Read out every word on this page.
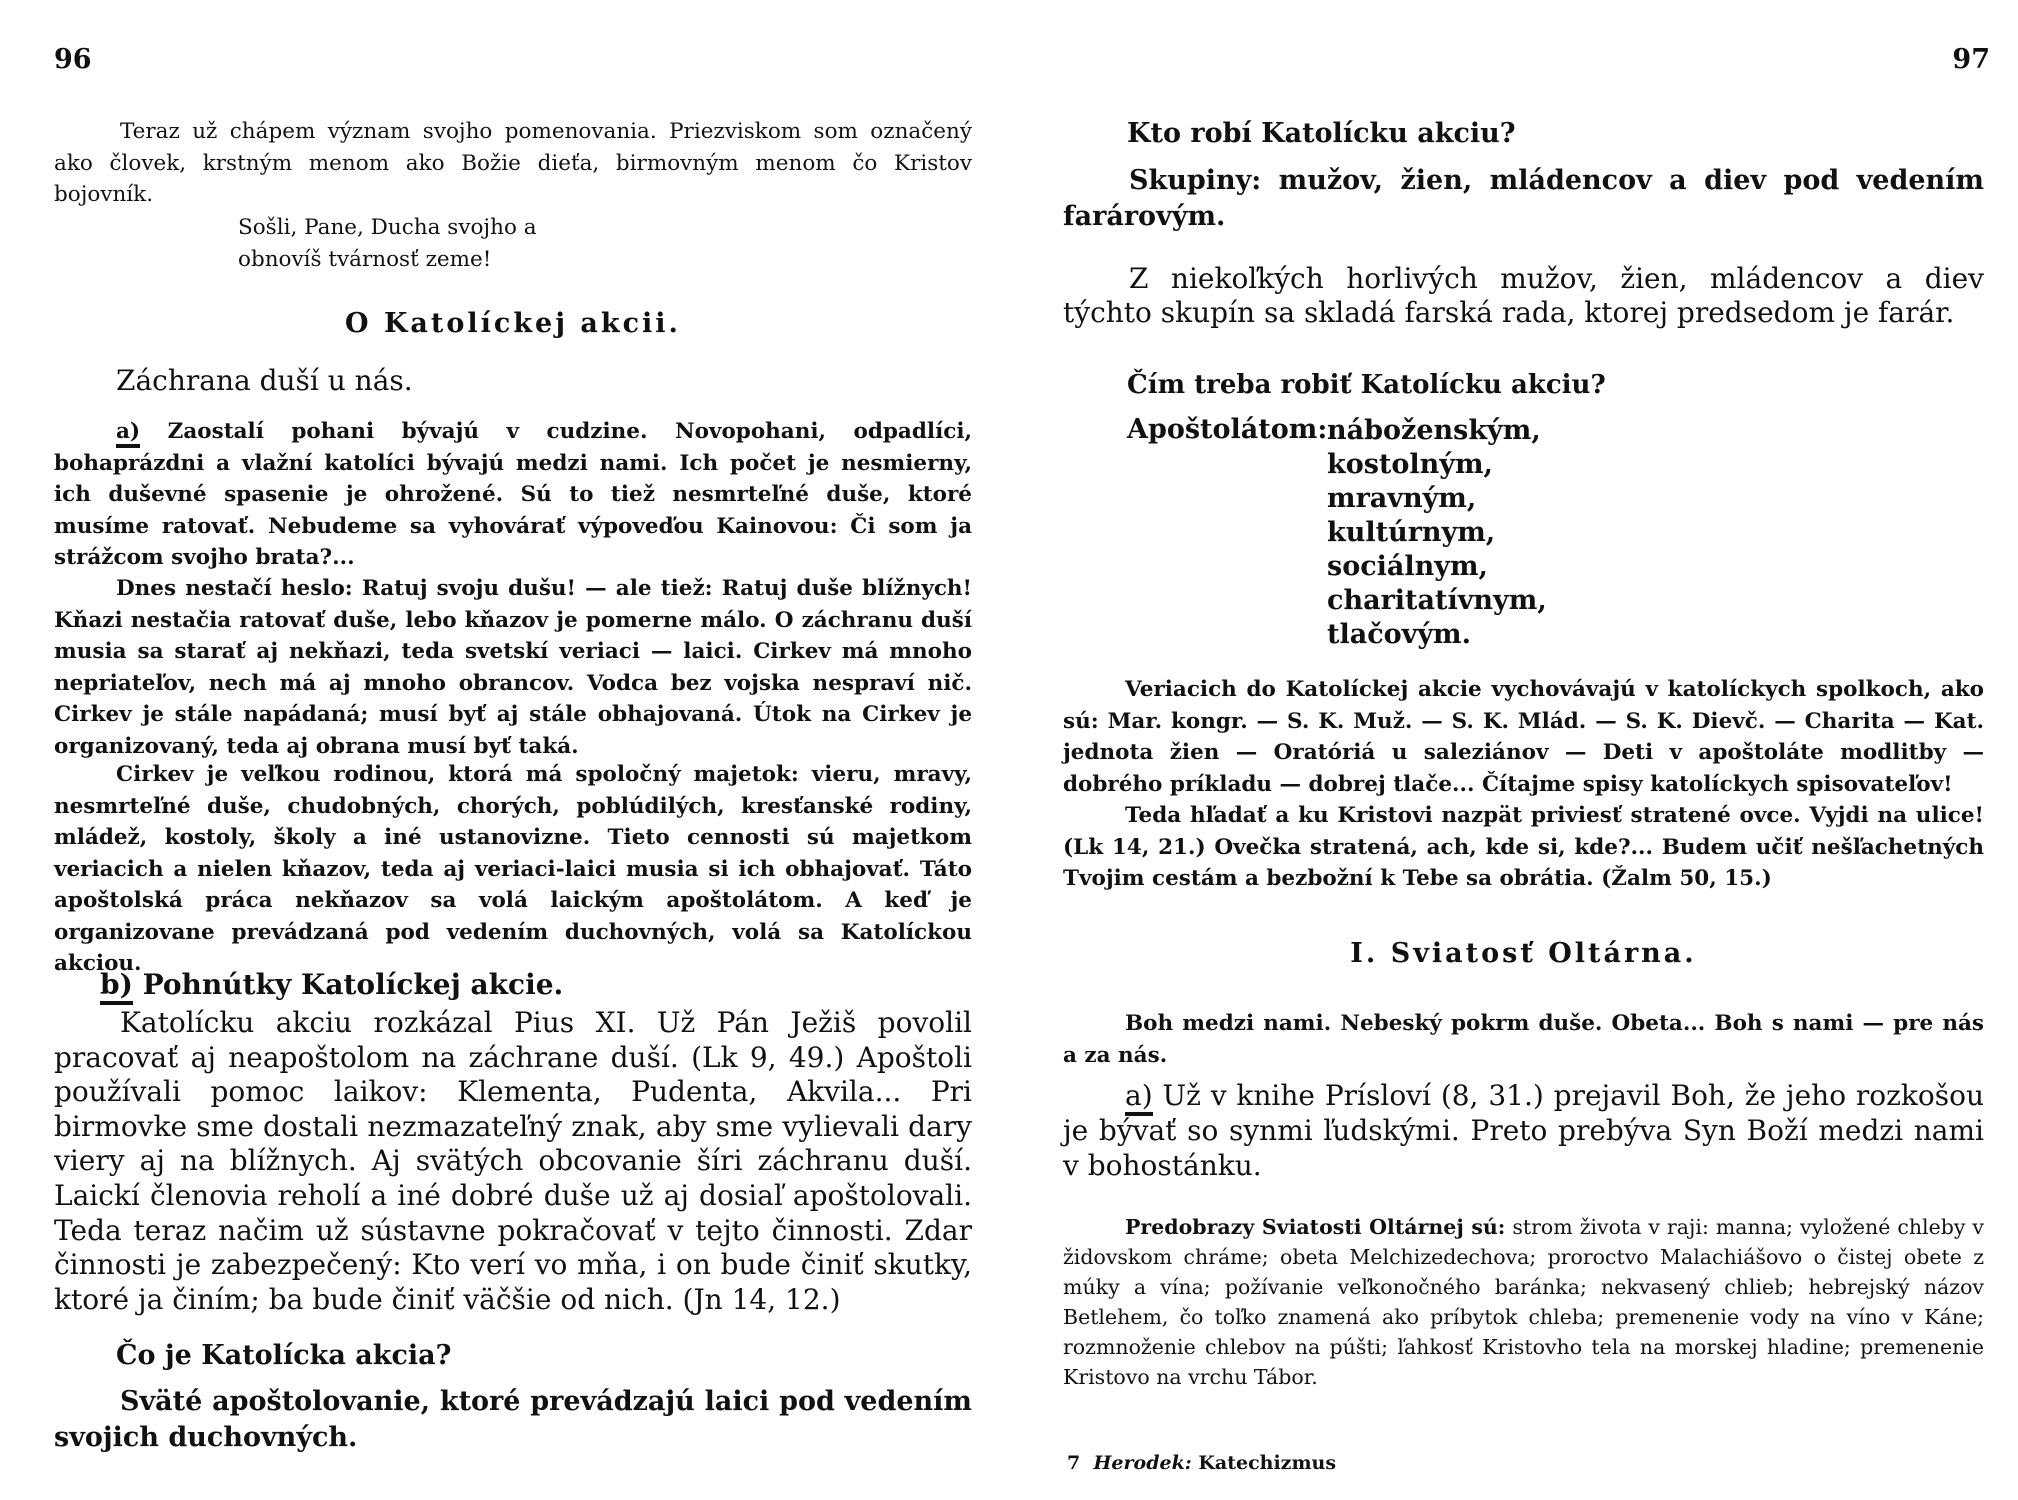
96

Teraz už chápem význam svojho pomenovania. Priezviskom som označený ako človek, krstným menom ako Božie dieťa, birmovným menom čo Kristov bojovník.

Sošli, Pane, Ducha svojho a
obnovíš tvárnosť zeme!
O Katolíckej akcii.
Záchrana duší u nás.

a) Zaostalí pohani bývajú v cudzine. Novopohani, odpadlíci, bohaprázdni a vlažní katolíci bývajú medzi nami. Ich počet je nesmierny, ich duševné spasenie je ohrožené. Sú to tiež nesmrteľné duše, ktoré musíme ratovať. Nebudeme sa vyhovárať výpoveďou Kainovou: Či som ja strážcom svojho brata?...

Dnes nestačí heslo: Ratuj svoju dušu! — ale tiež: Ratuj duše blížnych! Kňazi nestačia ratovať duše, lebo kňazov je pomerne málo. O záchranu duší musia sa starať aj nekňazi, teda svetskí veriaci — laici. Cirkev má mnoho nepriateľov, nech má aj mnoho obrancov. Vodca bez vojska nespraví nič. Cirkev je stále napádaná; musí byť aj stále obhajovaná. Útok na Cirkev je organizovaný, teda aj obrana musí byť taká.

Cirkev je veľkou rodinou, ktorá má spoločný majetok: vieru, mravy, nesmrteľné duše, chudobných, chorých, poblúdilých, kresťanské rodiny, mládež, kostoly, školy a iné ustanovizne. Tieto cennosti sú majetkom veriacich a nielen kňazov, teda aj veriaci-laici musia si ich obhajovať. Táto apoštolská práca nekňazov sa volá laickým apoštolátom. A keď je organizovane prevádzaná pod vedením duchovných, volá sa Katolíckou akciou.

b) Pohnútky Katolíckej akcie.

Katolícku akciu rozkázal Pius XI. Už Pán Ježiš povolil pracovať aj neapoštolom na záchrane duší. (Lk 9, 49.) Apoštoli používali pomoc laikov: Klementa, Pudenta, Akvila... Pri birmovke sme dostali nezmazateľný znak, aby sme vylievali dary viery aj na blížnych. Aj svätých obcovanie šíri záchranu duší. Laickí členovia reholí a iné dobré duše už aj dosiaľ apoštolovali. Teda teraz načim už sústavne pokračovať v tejto činnosti. Zdar činnosti je zabezpečený: Kto verí vo mňa, i on bude činiť skutky, ktoré ja činím; ba bude činiť väčšie od nich. (Jn 14, 12.)

Čo je Katolícka akcia?

Sväté apoštolovanie, ktoré prevádzajú laici pod vedením svojich duchovných.

97
Kto robí Katolícku akciu?

Skupiny: mužov, žien, mládencov a diev pod vedením farárovým.

Z niekoľkých horlivých mužov, žien, mládencov a diev týchto skupín sa skladá farská rada, ktorej predsedom je farár.

Čím treba robiť Katolícku akciu?
Apoštolátom: náboženským,
kostolným,
mravným,
kultúrnym,
sociálnym,
charitatívnym,
tlačovým.

Veriacich do Katolíckej akcie vychovávajú v katolíckych spolkoch, ako sú: Mar. kongr. — S. K. Muž. — S. K. Mlád. — S. K. Dievč. — Charita — Kat. jednota žien — Oratóriá u saleziánov — Deti v apoštoláte modlitby — dobrého príkladu — dobrej tlače... Čítajme spisy katolíckych spisovateľov!

Teda hľadať a ku Kristovi nazpät priviesť stratené ovce. Vyjdi na ulice! (Lk 14, 21.) Ovečka stratená, ach, kde si, kde?... Budem učiť nešľachetných Tvojim cestám a bezbožní k Tebe sa obrátia. (Žalm 50, 15.)

I. Sviatosť Oltárna.

Boh medzi nami. Nebeský pokrm duše. Obeta... Boh s nami — pre nás a za nás.

a) Už v knihe Prísloví (8, 31.) prejavil Boh, že jeho rozkošou je bývať so synmi ľudskými. Preto prebýva Syn Boží medzi nami v bohostánku.

Predobrazy Sviatosti Oltárnej sú: strom života v raji: manna; vyložené chleby v židovskom chráme; obeta Melchizedechova; proroctvo Malachiášovo o čistej obete z múky a vína; požívanie veľkonočného baránka; nekvasený chlieb; hebrejský názov Betlehem, čo toľko znamená ako príbytok chleba; premenenie vody na víno v Káne; rozmnoženie chlebov na púšti; ľahkosť Kristovho tela na morskej hladine; premenenie Kristovo na vrchu Tábor.

7 Herodek: Katechizmus
